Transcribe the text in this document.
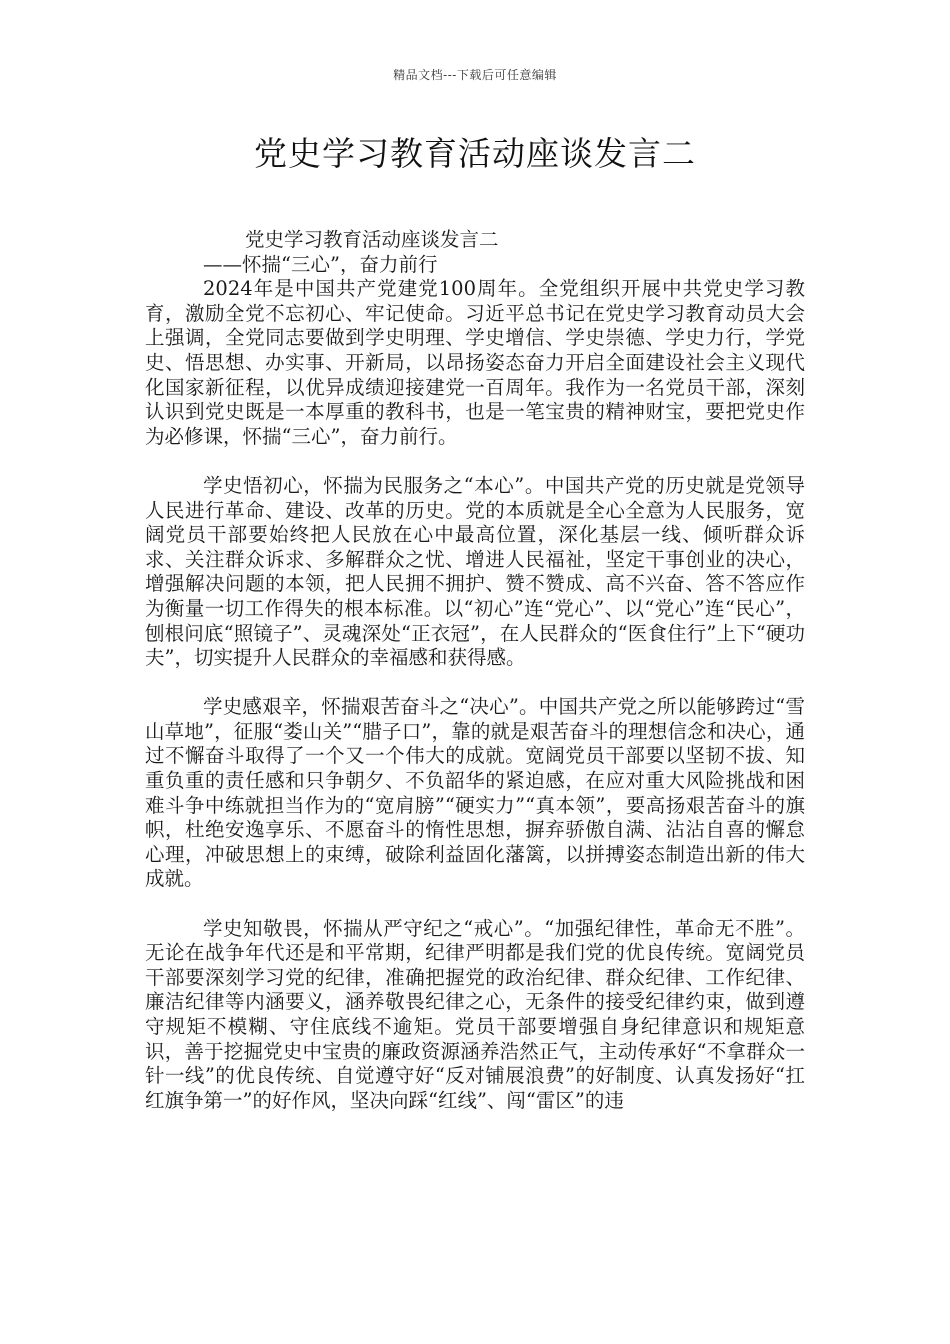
精品文档---下载后可任意编辑
党史学习教育活动座谈发言二

党史学习教育活动座谈发言二

——怀揣“三心”，奋力前行

2024年是中国共产党建党100周年。全党组织开展中共党史学习教育，激励全党不忘初心、牢记使命。习近平总书记在党史学习教育动员大会上强调，全党同志要做到学史明理、学史增信、学史崇德、学史力行，学党史、悟思想、办实事、开新局，以昂扬姿态奋力开启全面建设社会主义现代化国家新征程，以优异成绩迎接建党一百周年。我作为一名党员干部，深刻认识到党史既是一本厚重的教科书，也是一笔宝贵的精神财宝，要把党史作为必修课，怀揣“三心”，奋力前行。

学史悟初心，怀揣为民服务之“本心”。中国共产党的历史就是党领导人民进行革命、建设、改革的历史。党的本质就是全心全意为人民服务，宽阔党员干部要始终把人民放在心中最高位置，深化基层一线、倾听群众诉求、关注群众诉求、多解群众之忧、增进人民福祉，坚定干事创业的决心，增强解决问题的本领，把人民拥不拥护、赞不赞成、高不兴奋、答不答应作为衡量一切工作得失的根本标准。以“初心”连“党心”、以“党心”连“民心”，刨根问底“照镜子”、灵魂深处“正衣冠”，在人民群众的“医食住行”上下“硬功夫”，切实提升人民群众的幸福感和获得感。

学史感艰辛，怀揣艰苦奋斗之“决心”。中国共产党之所以能够跨过“雪山草地”，征服“娄山关”“腊子口”，靠的就是艰苦奋斗的理想信念和决心，通过不懈奋斗取得了一个又一个伟大的成就。宽阔党员干部要以坚韧不拔、知重负重的责任感和只争朝夕、不负韶华的紧迫感，在应对重大风险挑战和困难斗争中练就担当作为的“宽肩膀”“硬实力”“真本领”，要高扬艰苦奋斗的旗帜，杜绝安逸享乐、不愿奋斗的惰性思想，摒弃骄傲自满、沾沾自喜的懈怠心理，冲破思想上的束缚，破除利益固化藩篱，以拼搏姿态制造出新的伟大成就。

学史知敬畏，怀揣从严守纪之“戒心”。“加强纪律性，革命无不胜”。无论在战争年代还是和平常期，纪律严明都是我们党的优良传统。宽阔党员干部要深刻学习党的纪律，准确把握党的政治纪律、群众纪律、工作纪律、廉洁纪律等内涵要义，涵养敬畏纪律之心，无条件的接受纪律约束，做到遵守规矩不模糊、守住底线不逾矩。党员干部要增强自身纪律意识和规矩意识，善于挖掘党史中宝贵的廉政资源涵养浩然正气，主动传承好“不拿群众一针一线”的优良传统、自觉遵守好“反对铺展浪费”的好制度、认真发扬好“扛红旗争第一”的好作风，坚决向踩“红线”、闯“雷区”的违
